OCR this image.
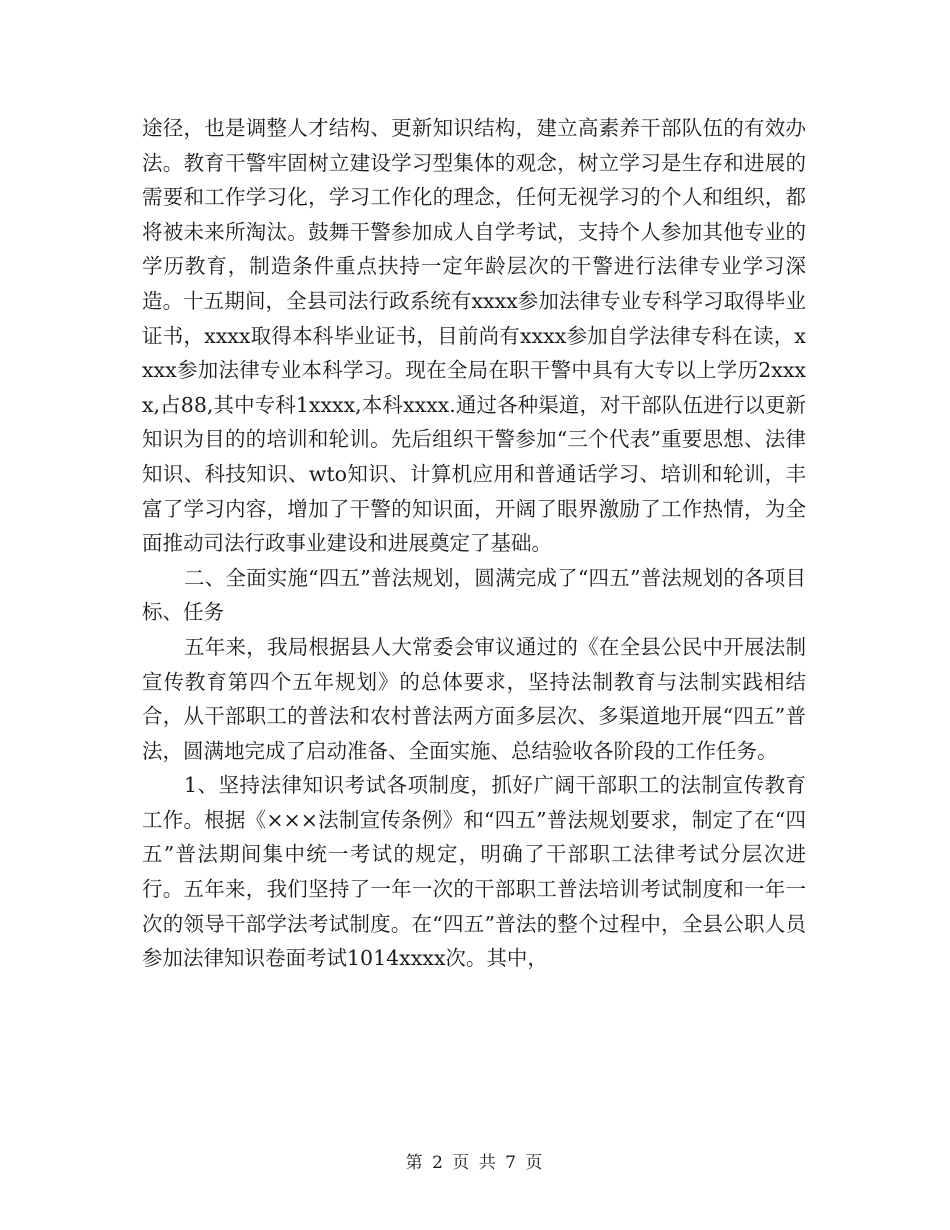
途径，也是调整人才结构、更新知识结构，建立高素养干部队伍的有效办法。教育干警牢固树立建设学习型集体的观念，树立学习是生存和进展的需要和工作学习化，学习工作化的理念，任何无视学习的个人和组织，都将被未来所淘汰。鼓舞干警参加成人自学考试，支持个人参加其他专业的学历教育，制造条件重点扶持一定年龄层次的干警进行法律专业学习深造。十五期间，全县司法行政系统有xxxx参加法律专业专科学习取得毕业证书，xxxx取得本科毕业证书，目前尚有xxxx参加自学法律专科在读，xxxx参加法律专业本科学习。现在全局在职干警中具有大专以上学历2xxxx,占88,其中专科1xxxx,本科xxxx.通过各种渠道，对干部队伍进行以更新知识为目的的培训和轮训。先后组织干警参加“三个代表”重要思想、法律知识、科技知识、wto知识、计算机应用和普通话学习、培训和轮训，丰富了学习内容，增加了干警的知识面，开阔了眼界激励了工作热情，为全面推动司法行政事业建设和进展奠定了基础。

二、全面实施“四五”普法规划，圆满完成了“四五”普法规划的各项目标、任务

五年来，我局根据县人大常委会审议通过的《在全县公民中开展法制宣传教育第四个五年规划》的总体要求，坚持法制教育与法制实践相结合，从干部职工的普法和农村普法两方面多层次、多渠道地开展“四五”普法，圆满地完成了启动准备、全面实施、总结验收各阶段的工作任务。

1、坚持法律知识考试各项制度，抓好广阔干部职工的法制宣传教育工作。根据《×××法制宣传条例》和“四五”普法规划要求，制定了在“四五”普法期间集中统一考试的规定，明确了干部职工法律考试分层次进行。五年来，我们坚持了一年一次的干部职工普法培训考试制度和一年一次的领导干部学法考试制度。在“四五”普法的整个过程中，全县公职人员参加法律知识卷面考试1014xxxx次。其中，

第 2 页 共 7 页
